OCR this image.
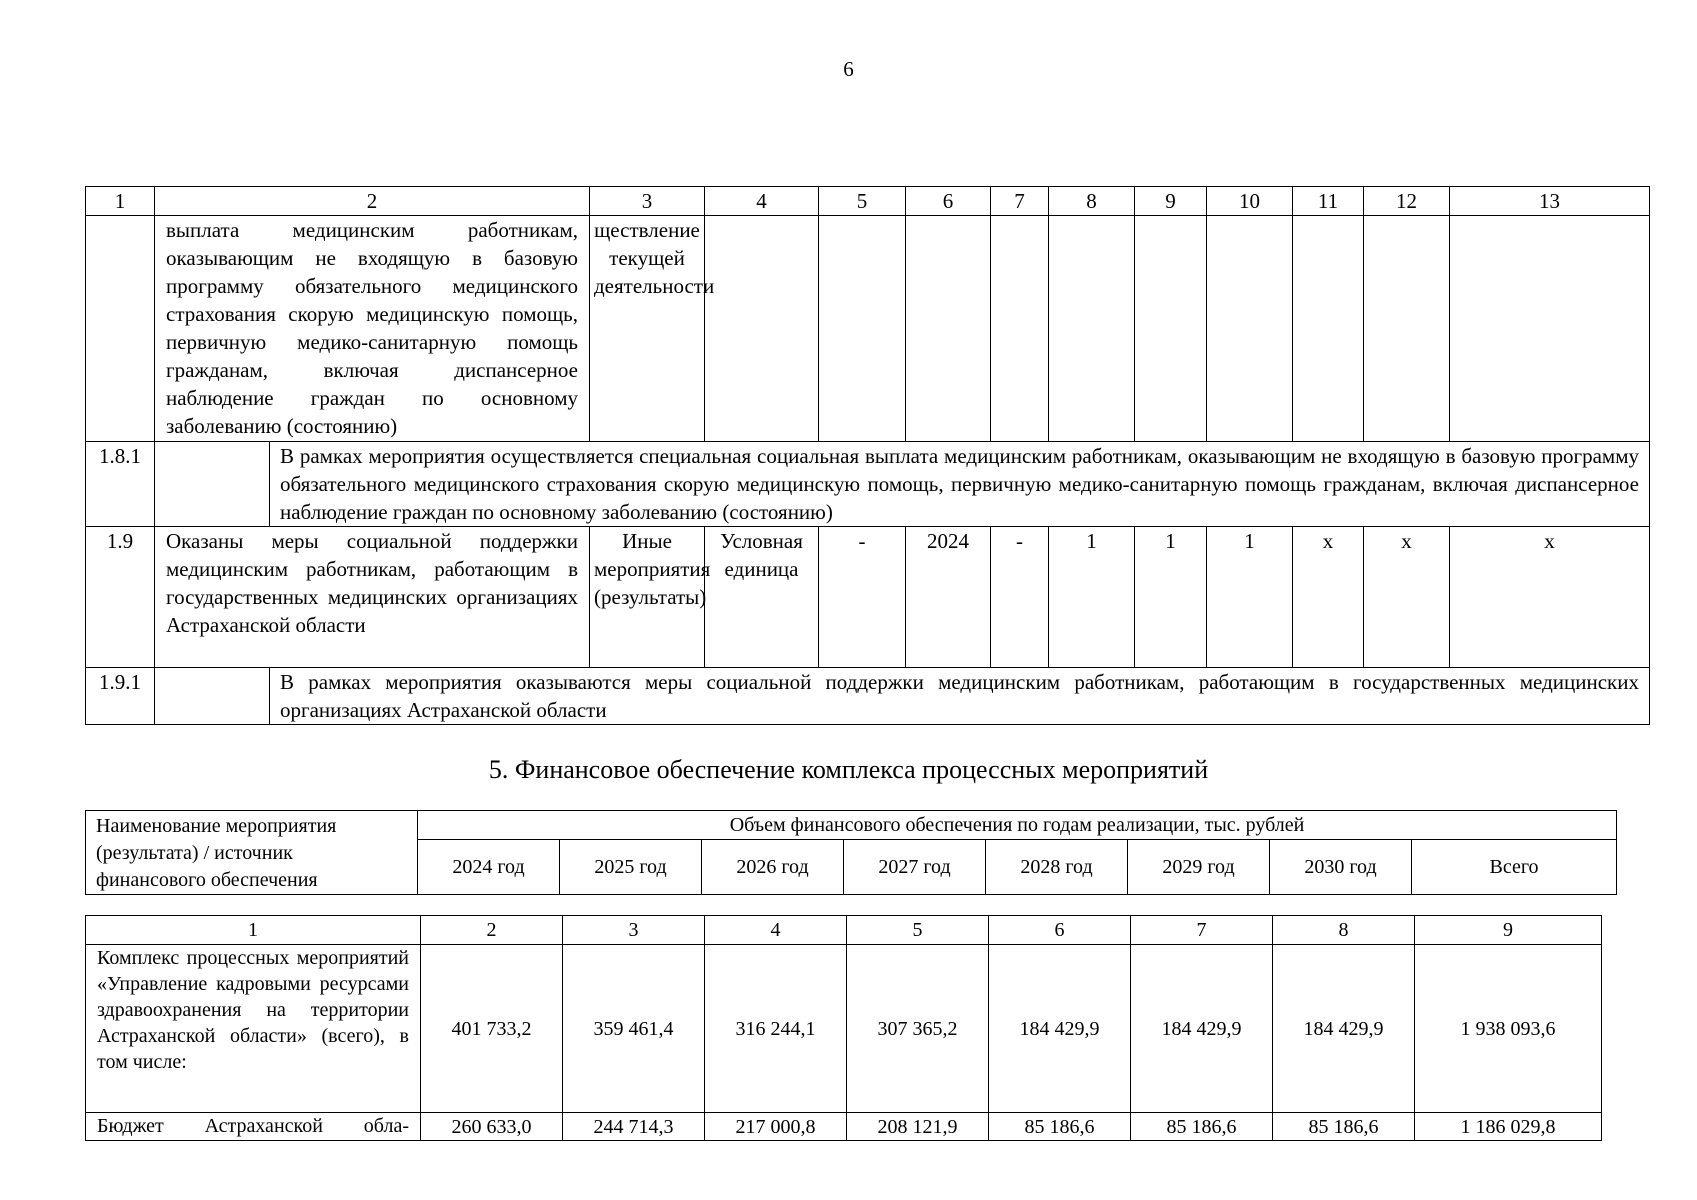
6
1	2		3	4	5	6	7	8	9	10	11	12	13
	выплата медицинским работникам, оказывающим не входящую в базовую программу обязательного медицинского страхования скорую медицинскую помощь, первичную медико-санитарную помощь гражданам, включая диспансерное наблюдение граждан по основному заболеванию (состоянию)		ществление текущей деятельности										
1.8.1		В рамках мероприятия осуществляется специальная социальная выплата медицинским работникам, оказывающим не входящую в базовую программу обязательного медицинского страхования скорую медицинскую помощь, первичную медико-санитарную помощь гражданам, включая диспансерное наблюдение граждан по основному заболеванию (состоянию)											
1.9	Оказаны меры социальной поддержки медицинским работникам, работающим в государственных медицинских организациях Астраханской области		Иные мероприятия (результаты)	Условная единица	-	2024	-	1	1	1	x	x	x
1.9.1		В рамках мероприятия оказываются меры социальной поддержки медицинским работникам, работающим в государственных медицинских организациях Астраханской области											
5. Финансовое обеспечение комплекса процессных мероприятий
Наименование мероприятия (результата) / источник финансового обеспечения	Объем финансового обеспечения по годам реализации, тыс. рублей							
	2024 год	2025 год	2026 год	2027 год	2028 год	2029 год	2030 год	Всего
1	2	3	4	5	6	7	8	9
Комплекс процессных мероприятий «Управление кадровыми ресурсами здравоохранения на территории Астраханской области» (всего), в том числе:	401 733,2	359 461,4	316 244,1	307 365,2	184 429,9	184 429,9	184 429,9	1 938 093,6
Бюджет Астраханской обла-	260 633,0	244 714,3	217 000,8	208 121,9	85 186,6	85 186,6	85 186,6	1 186 029,8
